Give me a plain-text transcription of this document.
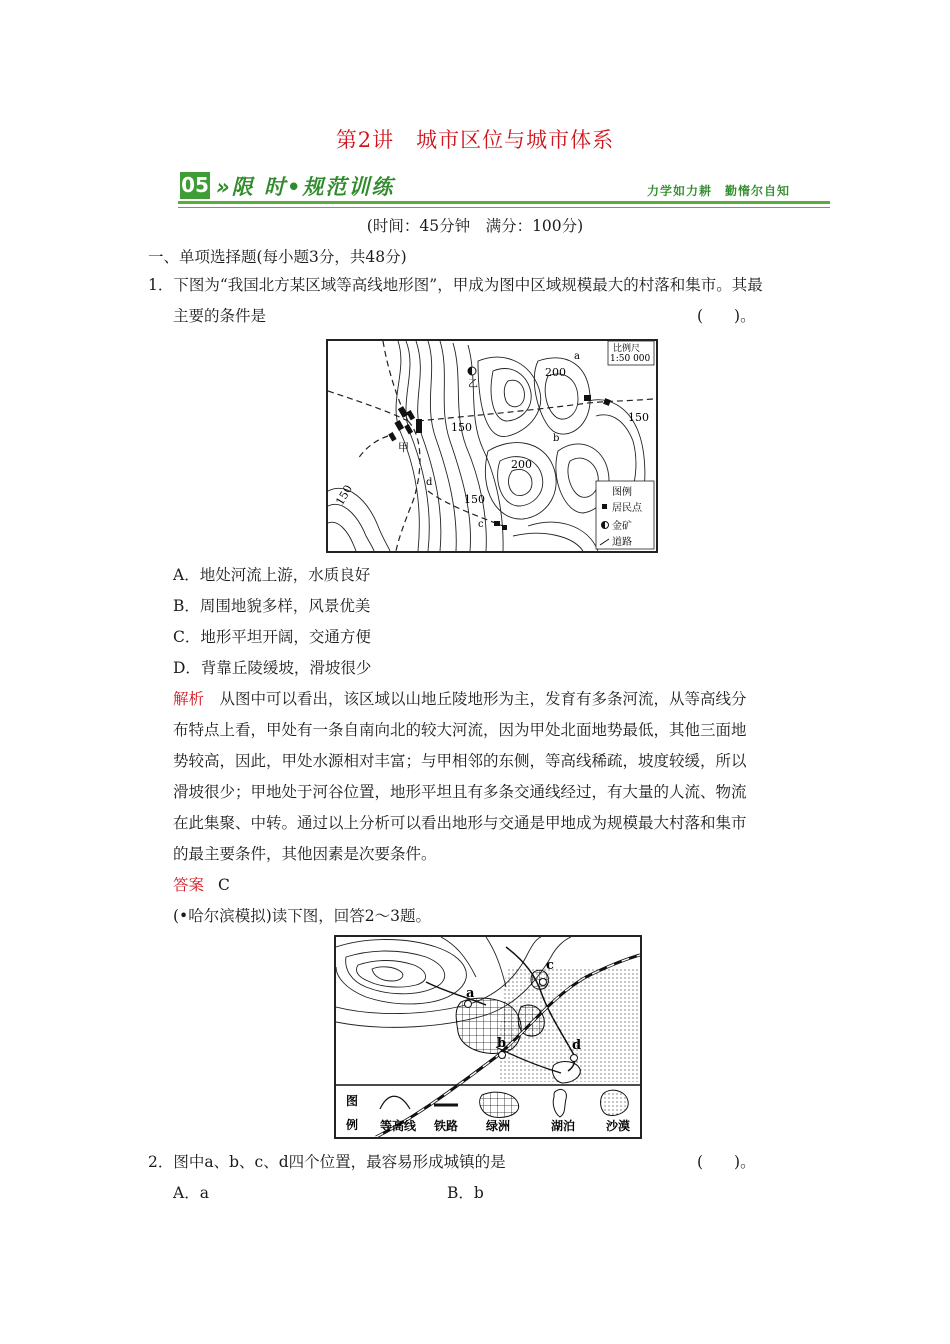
第2讲　城市区位与城市体系
05 »限 时•规范训练	力学如力耕　勤惰尔自知
(时间：45分钟　满分：100分)
一、单项选择题(每小题3分，共48分)
1．下图为“我国北方某区域等高线地形图”，甲成为图中区域规模最大的村落和集市。其最
主要的条件是	(　　)。
200
200
150
150
150
150
甲
乙
a
b
c
d
比例尺
1:50 000
图例
居民点
金矿
道路
A．地处河流上游，水质良好
B．周围地貌多样，风景优美
C．地形平坦开阔，交通方便
D．背靠丘陵缓坡，滑坡很少
解析　从图中可以看出，该区域以山地丘陵地形为主，发育有多条河流，从等高线分
布特点上看，甲处有一条自南向北的较大河流，因为甲处北面地势最低，其他三面地
势较高，因此，甲处水源相对丰富；与甲相邻的东侧，等高线稀疏，坡度较缓，所以
滑坡很少；甲地处于河谷位置，地形平坦且有多条交通线经过，有大量的人流、物流
在此集聚、中转。通过以上分析可以看出地形与交通是甲地成为规模最大村落和集市
的最主要条件，其他因素是次要条件。
答案 C
(•哈尔滨模拟)读下图，回答2～3题。
a
b
c
d
图
例 等高线 铁路 绿洲	湖泊	沙漠
2．图中a、b、c、d四个位置，最容易形成城镇的是	(　　)。
A．a	B．b
